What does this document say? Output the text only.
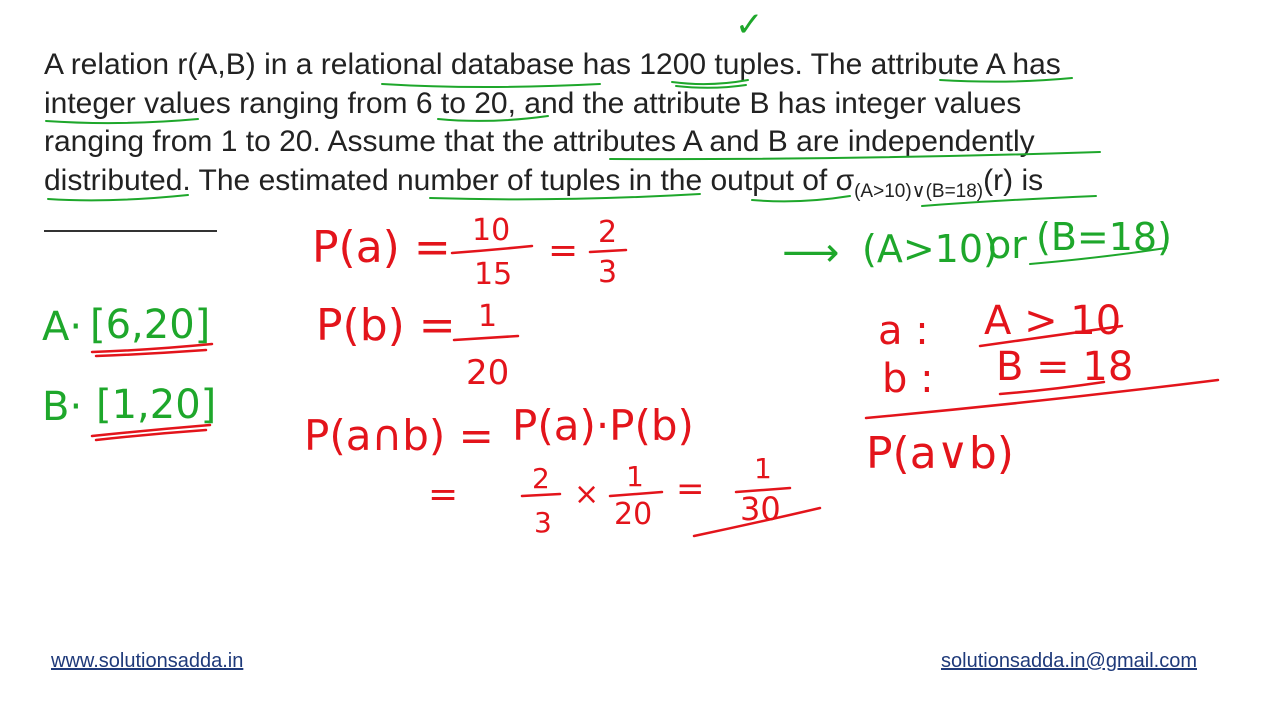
A relation r(A,B) in a relational database has 1200 tuples. The attribute A has
integer values ranging from 6 to 20, and the attribute B has integer values
ranging from 1 to 20. Assume that the attributes A and B are independently
distributed. The estimated number of tuples in the output of $\sigma_{(A>10)\vee(B=18)}(r)$ is
✓
A· [6,20]
B· [1,20]
⟶ (A>10)
or (B=18)
P(a) = 10
15
= 2
3
P(b) = 1
20
P(a∩b) = P(a)·P(b)
=	2
3
×
1
20
=
1
30
a : A > 10
b : B = 18
P(a∨b)
www.solutionsadda.in	solutionsadda.in@gmail.com
